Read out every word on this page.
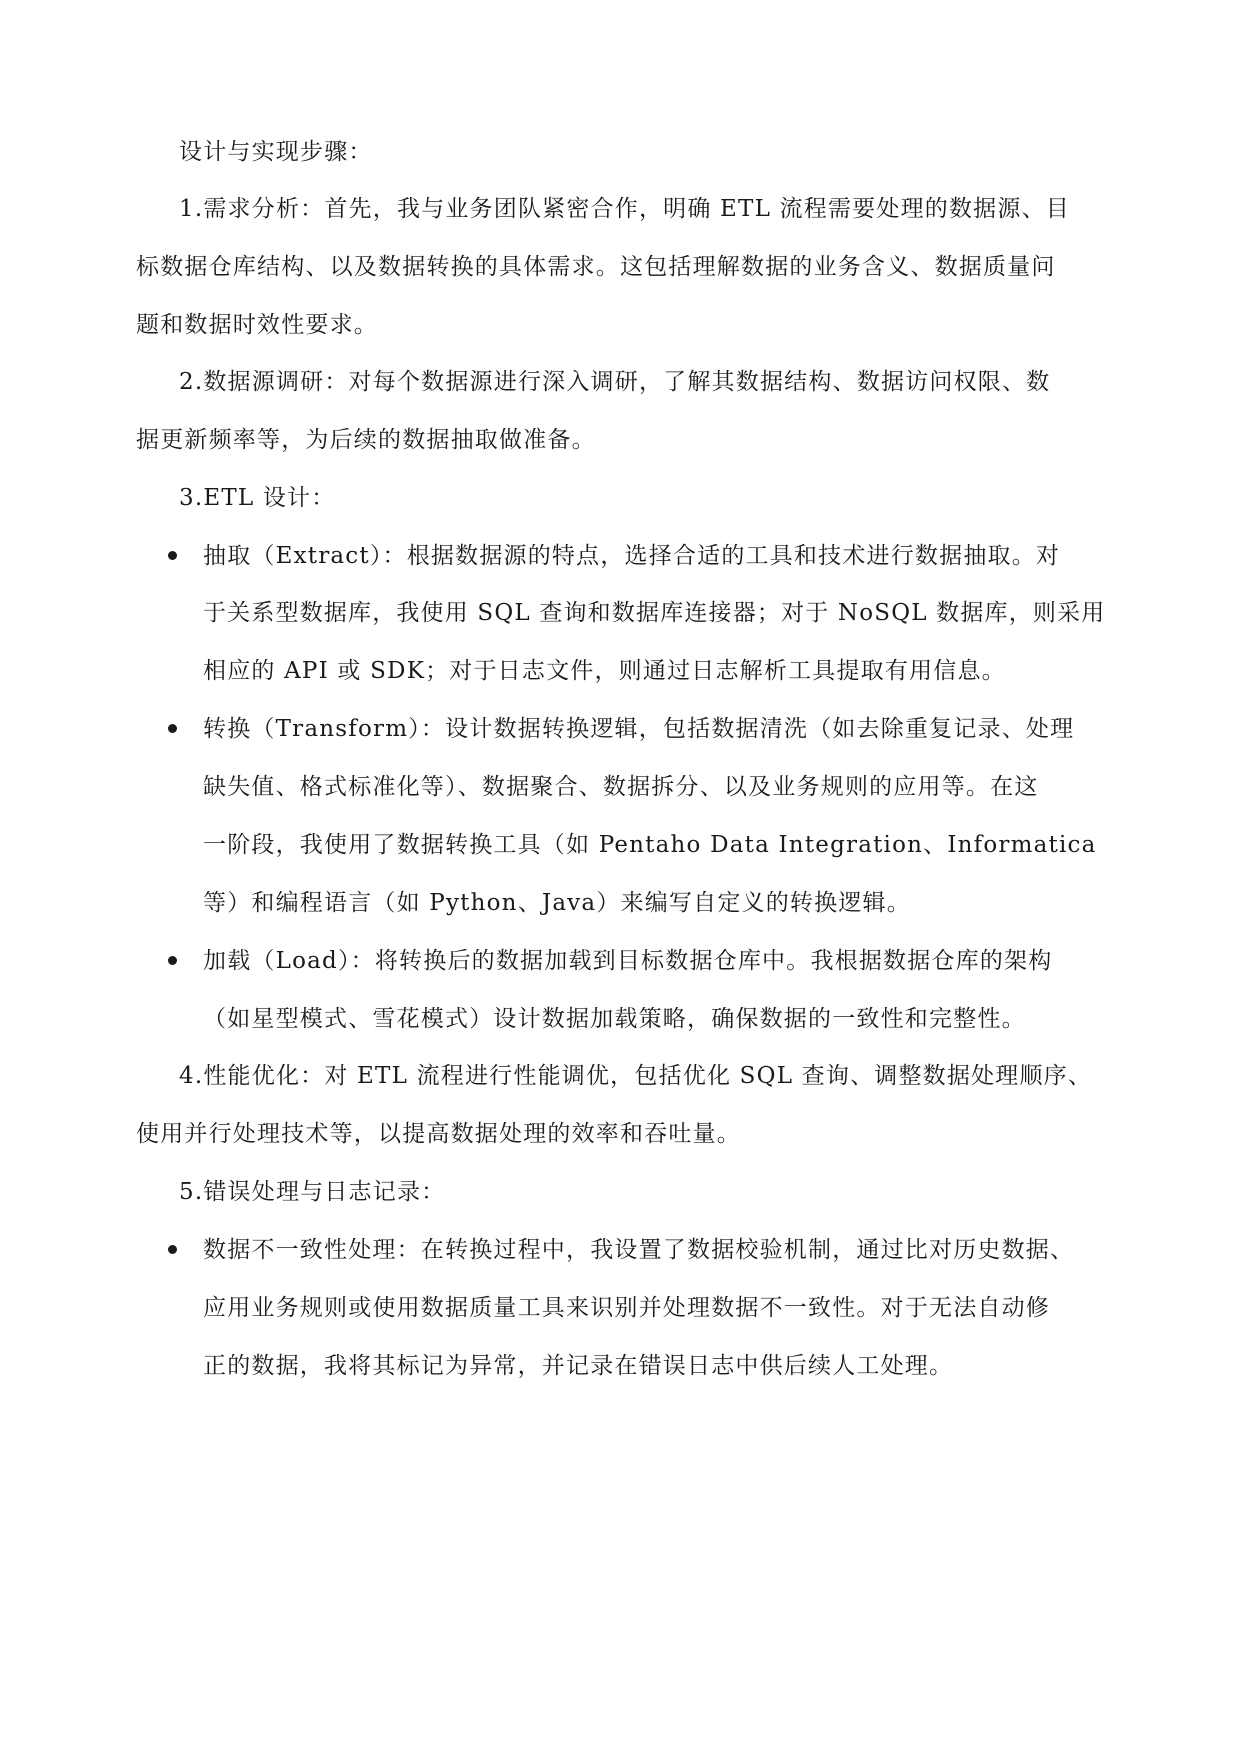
设计与实现步骤：
1.需求分析：首先，我与业务团队紧密合作，明确 ETL 流程需要处理的数据源、目
标数据仓库结构、以及数据转换的具体需求。这包括理解数据的业务含义、数据质量问
题和数据时效性要求。
2.数据源调研：对每个数据源进行深入调研，了解其数据结构、数据访问权限、数
据更新频率等，为后续的数据抽取做准备。
3.ETL 设计：
抽取（Extract）：根据数据源的特点，选择合适的工具和技术进行数据抽取。对
于关系型数据库，我使用 SQL 查询和数据库连接器；对于 NoSQL 数据库，则采用
相应的 API 或 SDK；对于日志文件，则通过日志解析工具提取有用信息。
转换（Transform）：设计数据转换逻辑，包括数据清洗（如去除重复记录、处理
缺失值、格式标准化等）、数据聚合、数据拆分、以及业务规则的应用等。在这
一阶段，我使用了数据转换工具（如 Pentaho Data Integration、Informatica
等）和编程语言（如 Python、Java）来编写自定义的转换逻辑。
加载（Load）：将转换后的数据加载到目标数据仓库中。我根据数据仓库的架构
（如星型模式、雪花模式）设计数据加载策略，确保数据的一致性和完整性。
4.性能优化：对 ETL 流程进行性能调优，包括优化 SQL 查询、调整数据处理顺序、
使用并行处理技术等，以提高数据处理的效率和吞吐量。
5.错误处理与日志记录：
数据不一致性处理：在转换过程中，我设置了数据校验机制，通过比对历史数据、
应用业务规则或使用数据质量工具来识别并处理数据不一致性。对于无法自动修
正的数据，我将其标记为异常，并记录在错误日志中供后续人工处理。
